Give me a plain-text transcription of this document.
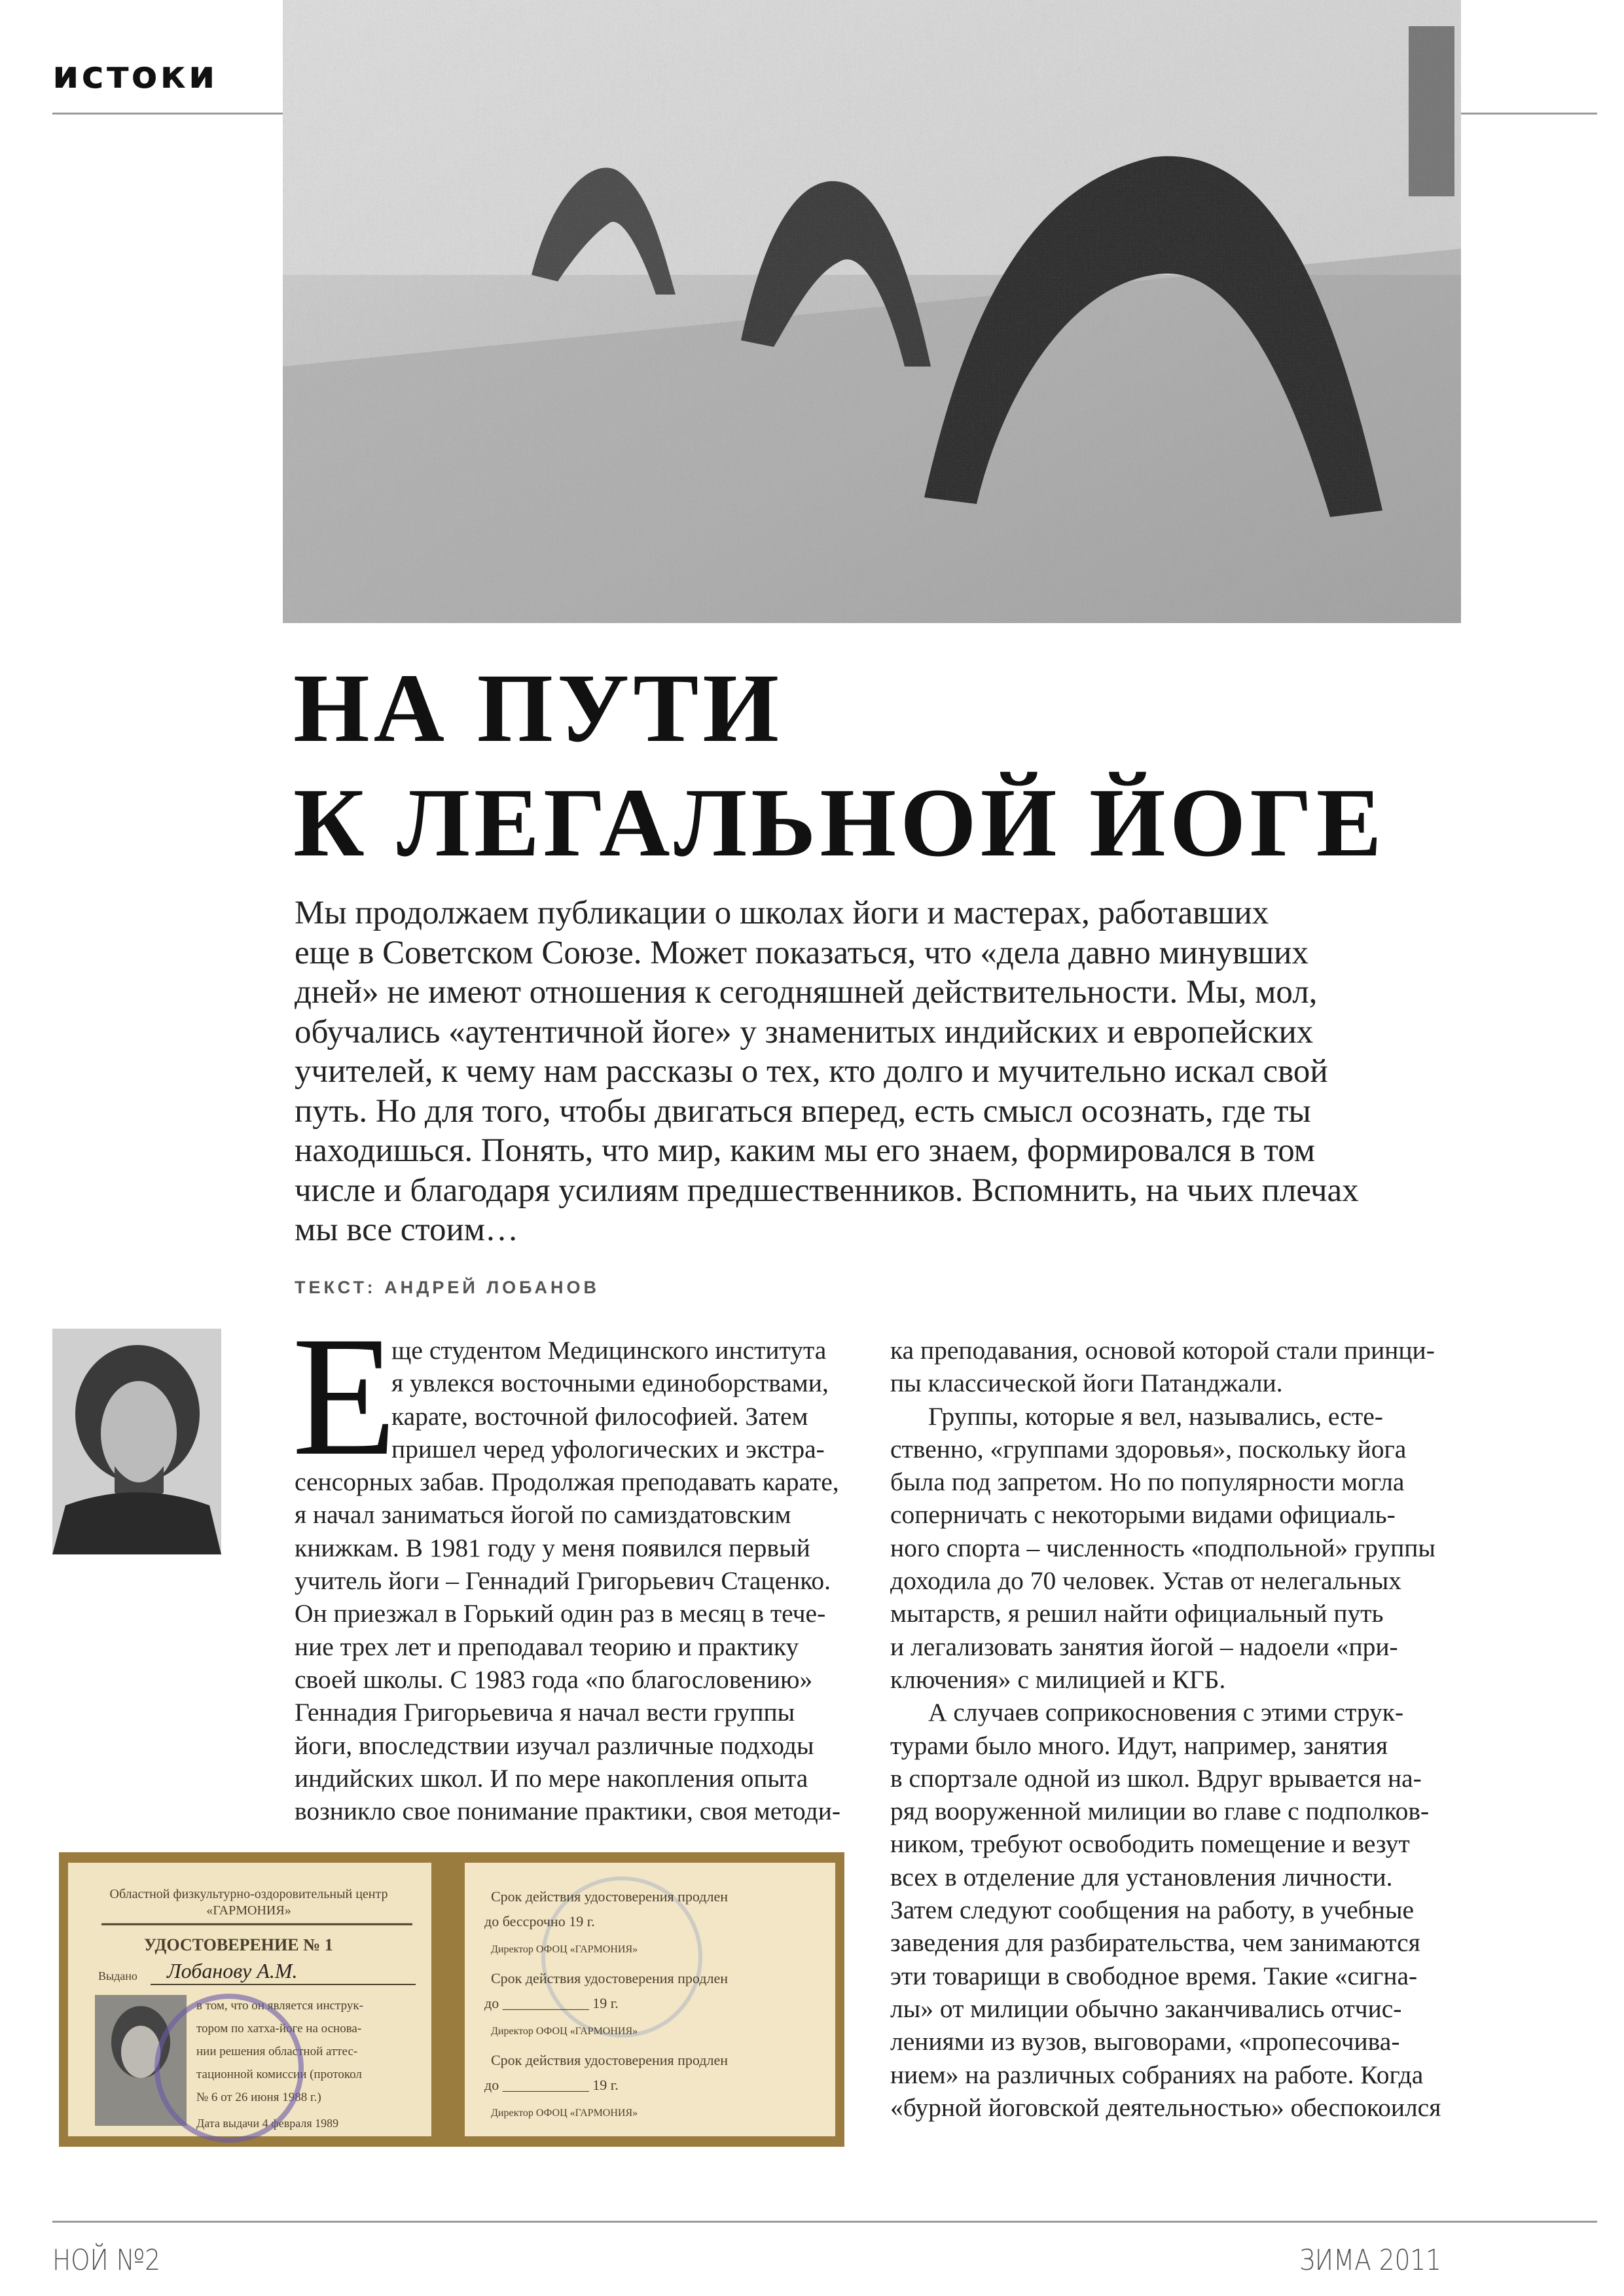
истоки
НА ПУТИ
К ЛЕГАЛЬНОЙ ЙОГЕ
Мы продолжаем публикации о школах йоги и мастерах, работавших
еще в Советском Союзе. Может показаться, что «дела давно минувших
дней» не имеют отношения к сегодняшней действительности. Мы, мол,
обучались «аутентичной йоге» у знаменитых индийских и европейских
учителей, к чему нам рассказы о тех, кто долго и мучительно искал свой
путь. Но для того, чтобы двигаться вперед, есть смысл осознать, где ты
находишься. Понять, что мир, каким мы его знаем, формировался в том
числе и благодаря усилиям предшественников. Вспомнить, на чьих плечах
мы все стоим…
ТЕКСТ: АНДРЕЙ ЛОБАНОВ
Е
ще студентом Медицинского института
я увлекся восточными единоборствами,
карате, восточной философией. Затем
пришел черед уфологических и экстра-
сенсорных забав. Продолжая преподавать карате,
я начал заниматься йогой по самиздатовским
книжкам. В 1981 году у меня появился первый
учитель йоги – Геннадий Григорьевич Стаценко.
Он приезжал в Горький один раз в месяц в тече-
ние трех лет и преподавал теорию и практику
своей школы. С 1983 года «по благословению»
Геннадия Григорьевича я начал вести группы
йоги, впоследствии изучал различные подходы
индийских школ. И по мере накопления опыта
возникло свое понимание практики, своя методи-
ка преподавания, основой которой стали принци-
пы классической йоги Патанджали.
Группы, которые я вел, назывались, есте-
ственно, «группами здоровья», поскольку йога
была под запретом. Но по популярности могла
соперничать с некоторыми видами официаль-
ного спорта – численность «подпольной» группы
доходила до 70 человек. Устав от нелегальных
мытарств, я решил найти официальный путь
и легализовать занятия йогой – надоели «при-
ключения» с милицией и КГБ.
А случаев соприкосновения с этими струк-
турами было много. Идут, например, занятия
в спортзале одной из школ. Вдруг врывается на-
ряд вооруженной милиции во главе с подполков-
ником, требуют освободить помещение и везут
всех в отделение для установления личности.
Затем следуют сообщения на работу, в учебные
заведения для разбирательства, чем занимаются
эти товарищи в свободное время. Такие «сигна-
лы» от милиции обычно заканчивались отчис-
лениями из вузов, выговорами, «пропесочива-
нием» на различных собраниях на работе. Когда
«бурной йоговской деятельностью» обеспокоился
Областной физкультурно-оздоровительный центр
«ГАРМОНИЯ»
УДОСТОВЕРЕНИЕ № 1
Выдано Лобанову А.М.
в том, что он является инструк-
тором по хатха-йоге на основа-
нии решения областной аттес-
тационной комиссии (протокол
№ 6 от 26 июня 1988 г.)
Дата выдачи 4 февраля 1989
Срок действия удостоверения продлен
до бессрочно 19 г.
Директор ОФОЦ «ГАРМОНИЯ»
Срок действия удостоверения продлен
до ____________ 19 г.
Директор ОФОЦ «ГАРМОНИЯ»
Срок действия удостоверения продлен
до ____________ 19 г.
Директор ОФОЦ «ГАРМОНИЯ»
НОЙ №2	ЗИМА 2011
